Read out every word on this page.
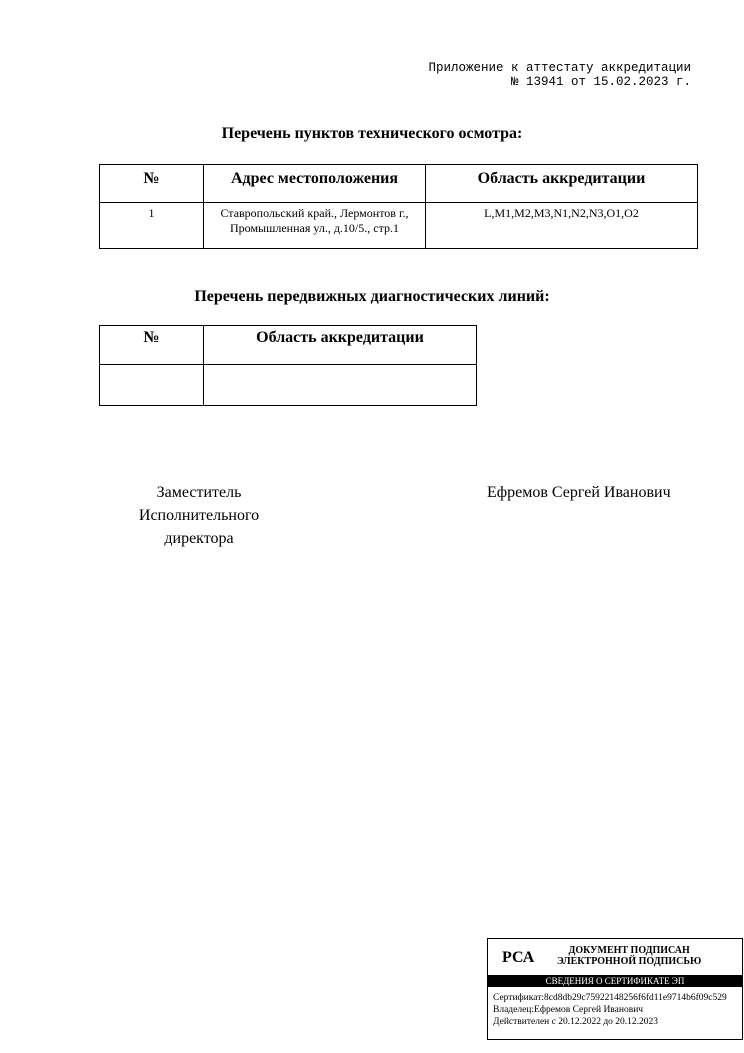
Приложение к аттестату аккредитации
№ 13941 от 15.02.2023 г.
Перечень пунктов технического осмотра:
№	Адрес местоположения	Область аккредитации
1	Ставропольский край., Лермонтов г.,
Промышленная ул., д.10/5., стр.1	L,M1,M2,M3,N1,N2,N3,O1,O2
Перечень передвижных диагностических линий:
№	Область аккредитации

Заместитель
Исполнительного
директора
Ефремов Сергей Иванович
РСА	ДОКУМЕНТ ПОДПИСАН
ЭЛЕКТРОННОЙ ПОДПИСЬЮ
СВЕДЕНИЯ О СЕРТИФИКАТЕ ЭП
Сертификат:8cd8db29c75922148256f6fd11e9714b6f09c529
Владелец:Ефремов Сергей Иванович
Действителен с 20.12.2022 до 20.12.2023
